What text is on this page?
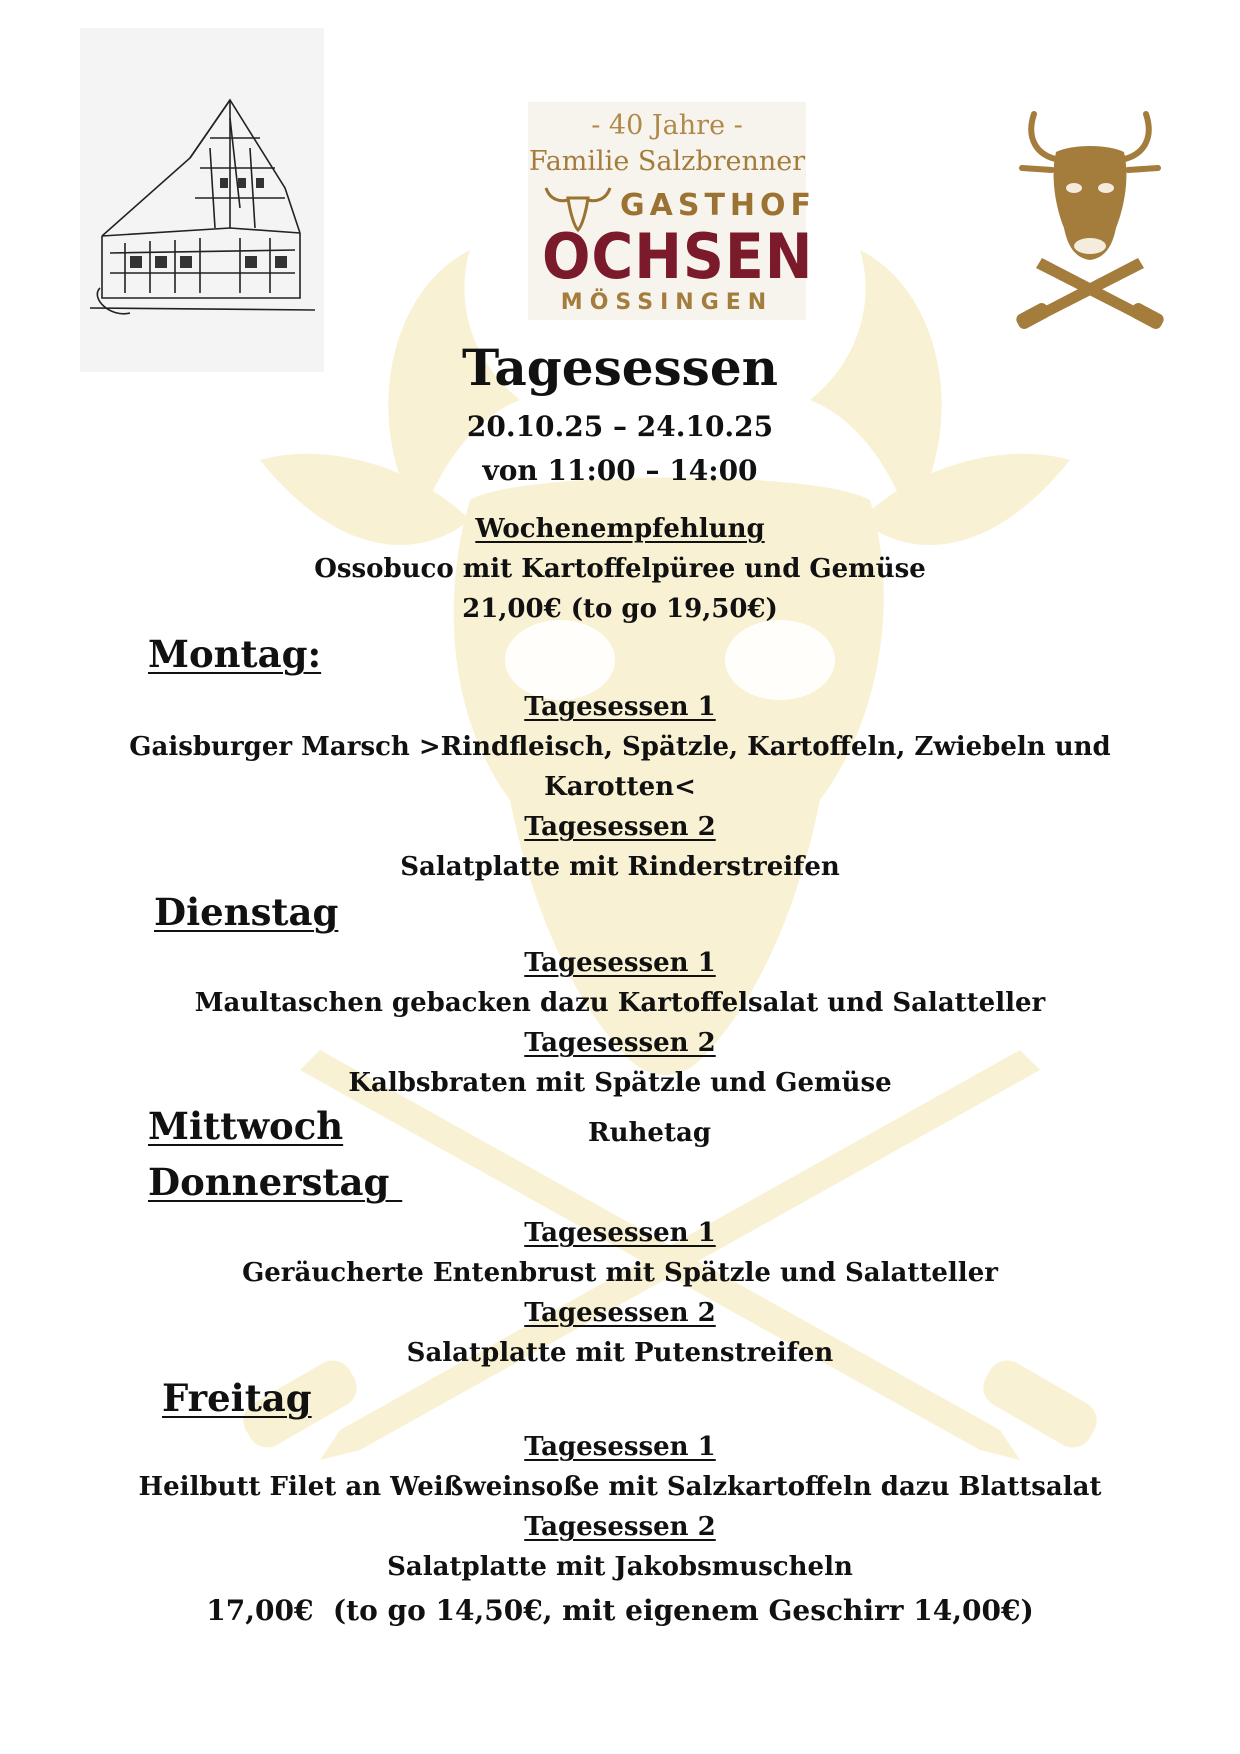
- 40 Jahre -
Familie Salzbrenner
GASTHOF
OCHSEN
MÖSSINGEN
Tagesessen
20.10.25 – 24.10.25
von 11:00 – 14:00
Wochenempfehlung
Ossobuco mit Kartoffelpüree und Gemüse
21,00€ (to go 19,50€)
Montag:
Tagesessen 1
Gaisburger Marsch >Rindfleisch, Spätzle, Kartoffeln, Zwiebeln und
Karotten<
Tagesessen 2
Salatplatte mit Rinderstreifen
Dienstag
Tagesessen 1
Maultaschen gebacken dazu Kartoffelsalat und Salatteller
Tagesessen 2
Kalbsbraten mit Spätzle und Gemüse
Mittwoch	Ruhetag
Donnerstag
Tagesessen 1
Geräucherte Entenbrust mit Spätzle und Salatteller
Tagesessen 2
Salatplatte mit Putenstreifen
Freitag
Tagesessen 1
Heilbutt Filet an Weißweinsoße mit Salzkartoffeln dazu Blattsalat
Tagesessen 2
Salatplatte mit Jakobsmuscheln
17,00€  (to go 14,50€, mit eigenem Geschirr 14,00€)
